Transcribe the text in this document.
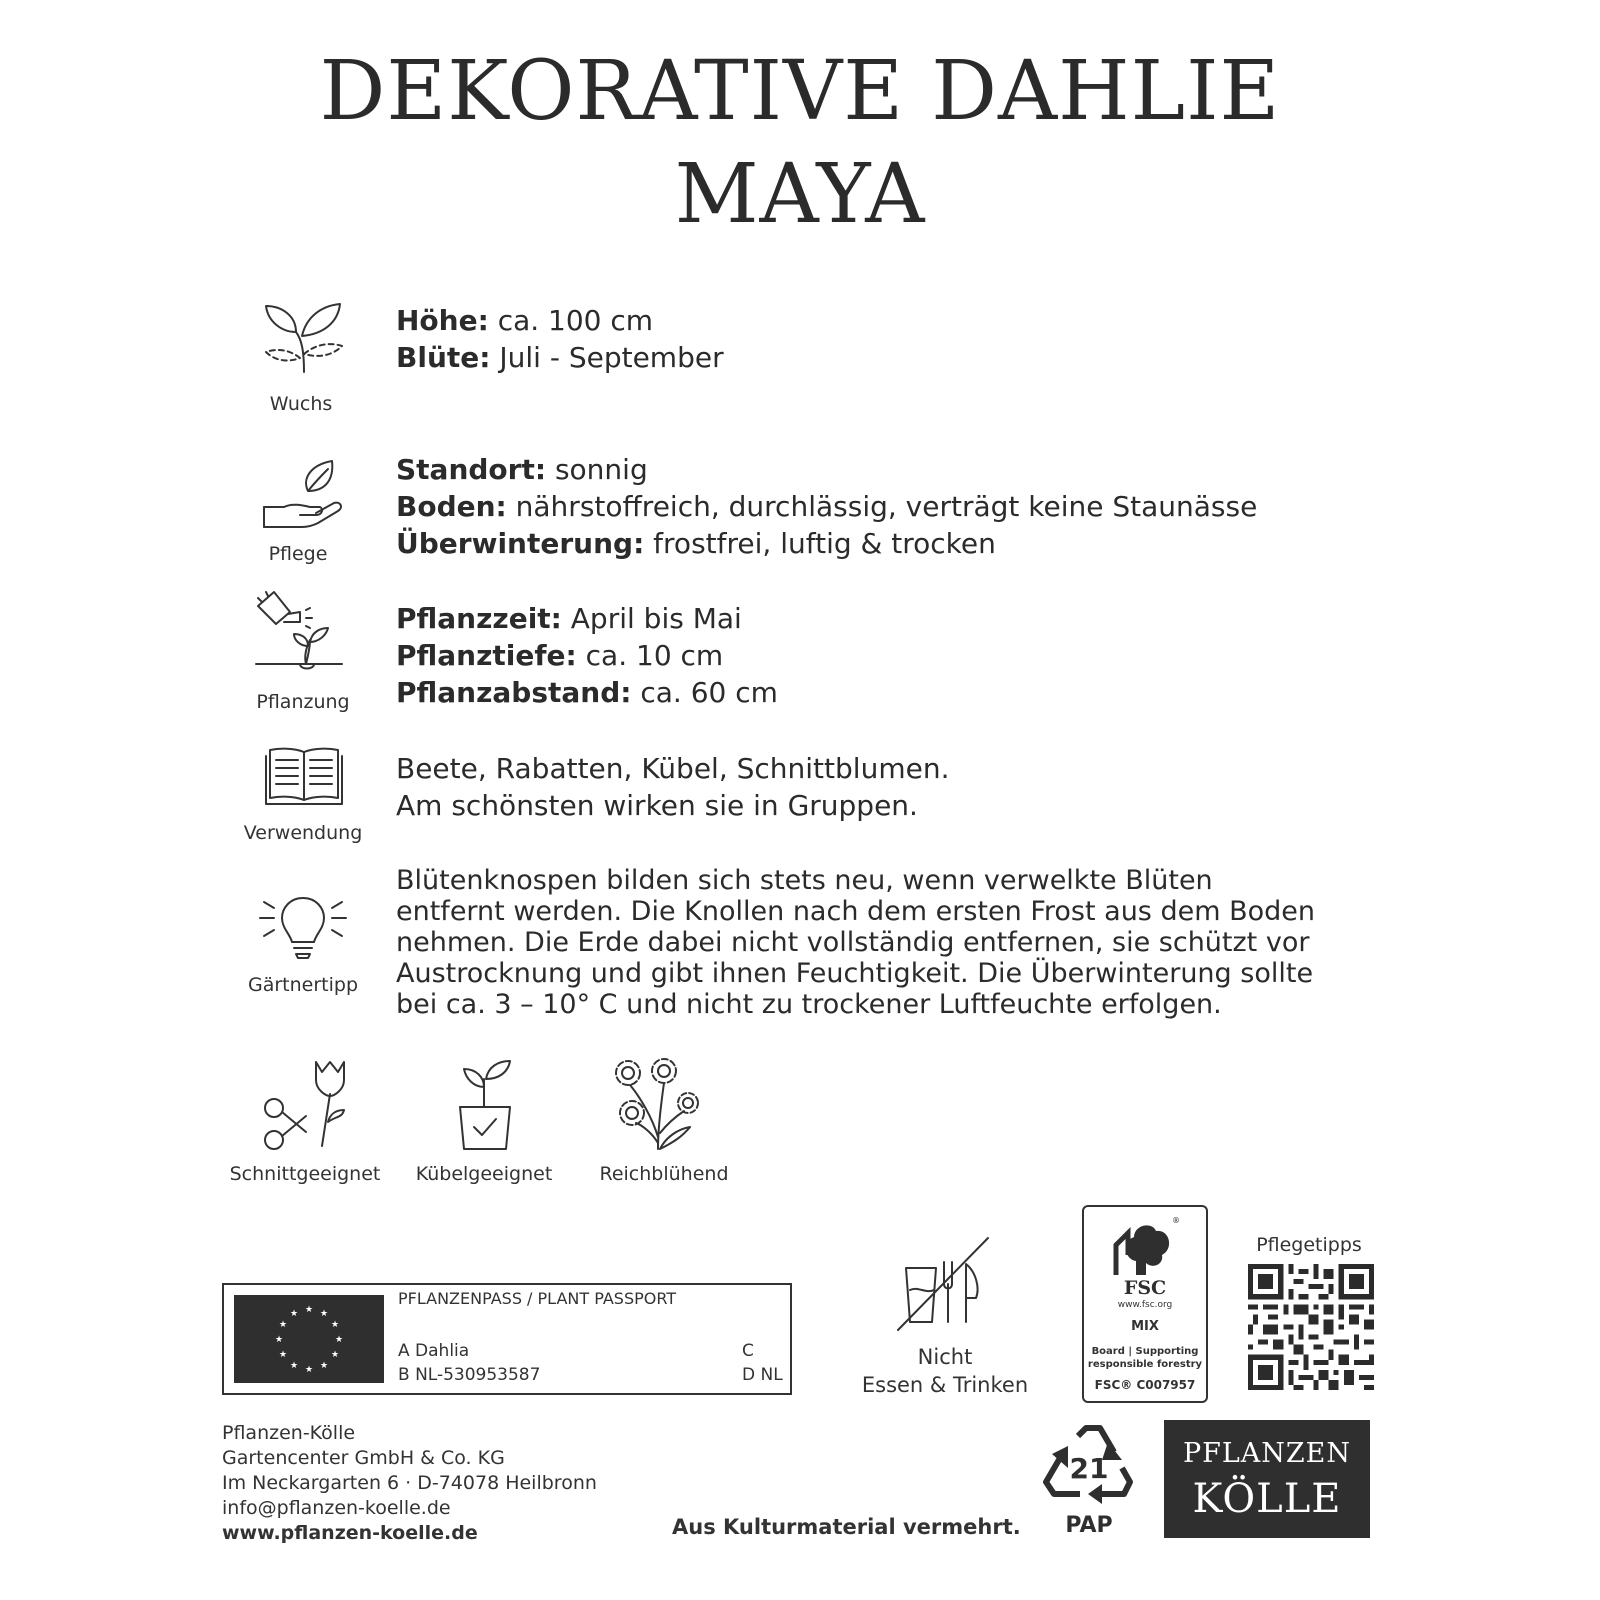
DEKORATIVE DAHLIE
MAYA
Wuchs
Höhe: ca. 100 cm
Blüte: Juli - September
Pflege
Standort: sonnig
Boden: nährstoffreich, durchlässig, verträgt keine Staunässe
Überwinterung: frostfrei, luftig & trocken
Pflanzung
Pflanzzeit: April bis Mai
Pflanztiefe: ca. 10 cm
Pflanzabstand: ca. 60 cm
Verwendung
Beete, Rabatten, Kübel, Schnittblumen.
Am schönsten wirken sie in Gruppen.
Gärtnertipp
Blütenknospen bilden sich stets neu, wenn verwelkte Blüten
entfernt werden. Die Knollen nach dem ersten Frost aus dem Boden
nehmen. Die Erde dabei nicht vollständig entfernen, sie schützt vor
Austrocknung und gibt ihnen Feuchtigkeit. Die Überwinterung sollte
bei ca. 3 – 10° C und nicht zu trockener Luftfeuchte erfolgen.
Schnittgeeignet	Kübelgeeignet	Reichblühend
★ ★
★
★
★
★
★
★
★
★
★
★
PFLANZENPASS / PLANT PASSPORT
A Dahlia
B NL-530953587
C
D NL
Nicht
Essen & Trinken
®
FSC
www.fsc.org
MIX
Board | Supporting
responsible forestry
FSC® C007957
Pflegetipps
Pflanzen-Kölle
Gartencenter GmbH & Co. KG
Im Neckargarten 6 · D-74078 Heilbronn
info@pflanzen-koelle.de
www.pflanzen-koelle.de	Aus Kulturmaterial vermehrt.
21
PAP
PFLANZEN
KÖLLE
